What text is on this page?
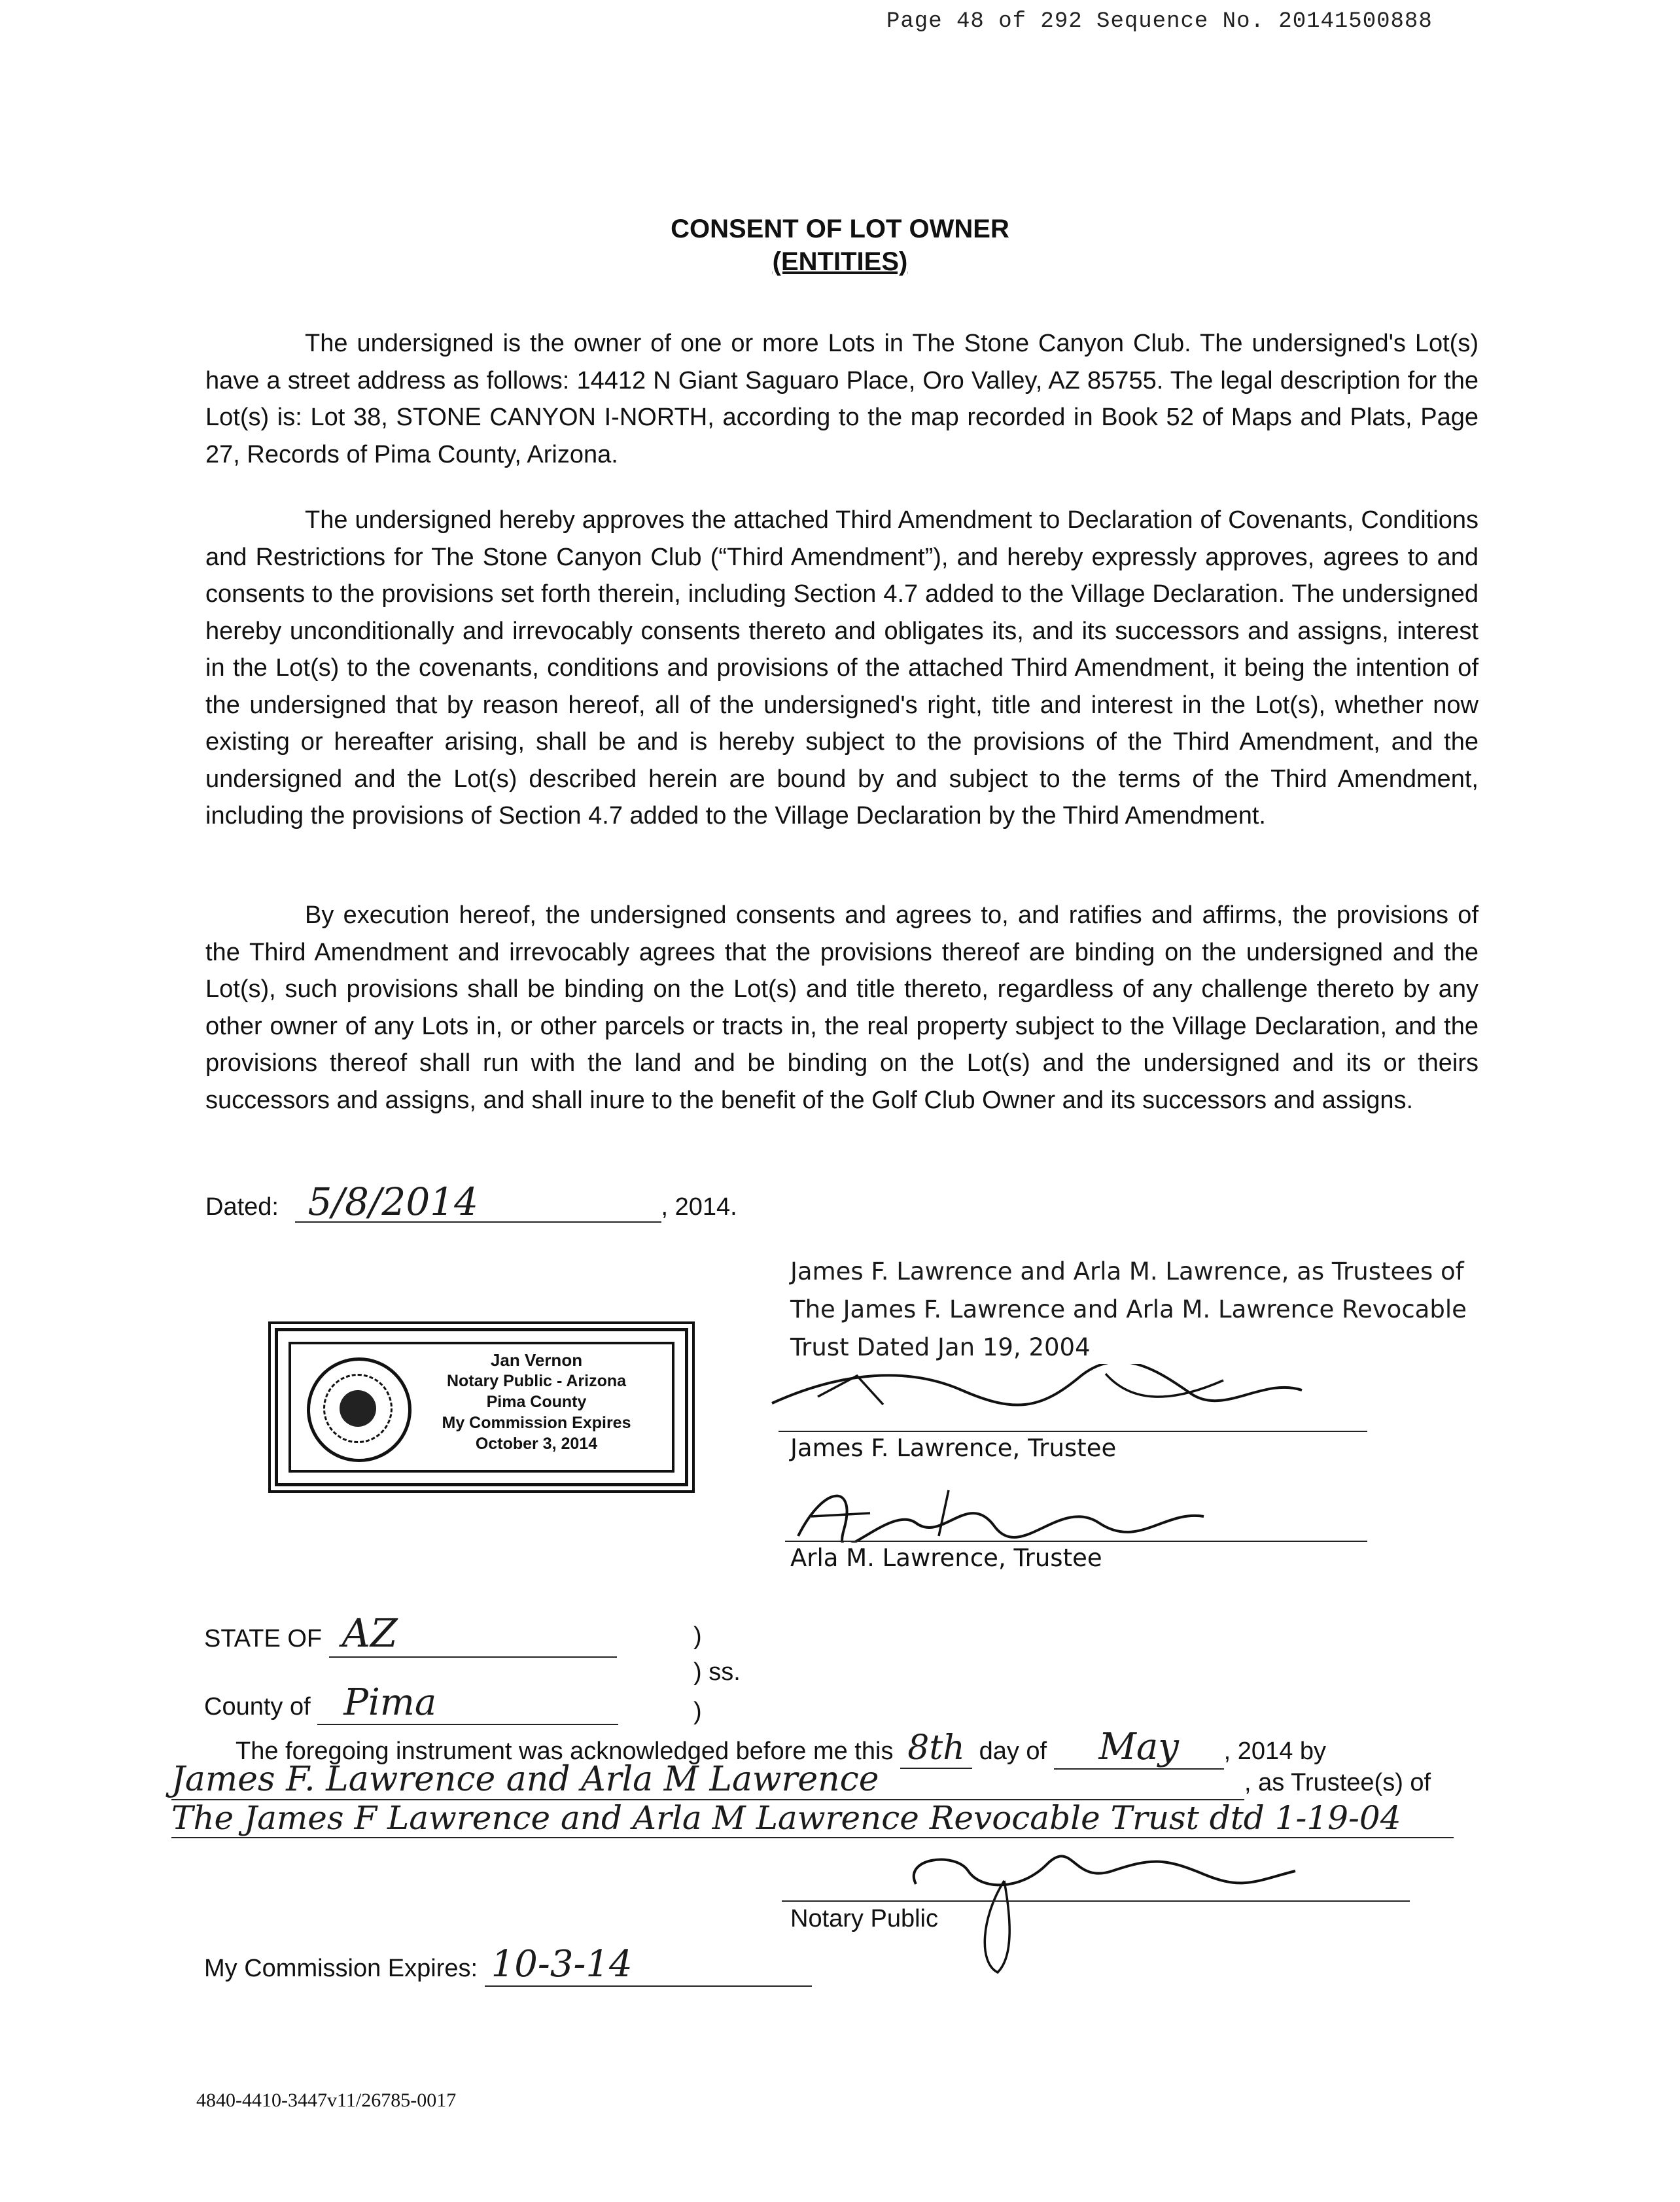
Page 48 of 292 Sequence No. 20141500888
CONSENT OF LOT OWNER
(ENTITIES)

The undersigned is the owner of one or more Lots in The Stone Canyon Club. The undersigned's Lot(s) have a street address as follows: 14412 N Giant Saguaro Place, Oro Valley, AZ 85755. The legal description for the Lot(s) is: Lot 38, STONE CANYON I-NORTH, according to the map recorded in Book 52 of Maps and Plats, Page 27, Records of Pima County, Arizona.

The undersigned hereby approves the attached Third Amendment to Declaration of Covenants, Conditions and Restrictions for The Stone Canyon Club (“Third Amendment”), and hereby expressly approves, agrees to and consents to the provisions set forth therein, including Section 4.7 added to the Village Declaration. The undersigned hereby unconditionally and irrevocably consents thereto and obligates its, and its successors and assigns, interest in the Lot(s) to the covenants, conditions and provisions of the attached Third Amendment, it being the intention of the undersigned that by reason hereof, all of the undersigned's right, title and interest in the Lot(s), whether now existing or hereafter arising, shall be and is hereby subject to the provisions of the Third Amendment, and the undersigned and the Lot(s) described herein are bound by and subject to the terms of the Third Amendment, including the provisions of Section 4.7 added to the Village Declaration by the Third Amendment.

By execution hereof, the undersigned consents and agrees to, and ratifies and affirms, the provisions of the Third Amendment and irrevocably agrees that the provisions thereof are binding on the undersigned and the Lot(s), such provisions shall be binding on the Lot(s) and title thereto, regardless of any challenge thereto by any other owner of any Lots in, or other parcels or tracts in, the real property subject to the Village Declaration, and the provisions thereof shall run with the land and be binding on the Lot(s) and the undersigned and its or theirs successors and assigns, and shall inure to the benefit of the Golf Club Owner and its successors and assigns.

Dated: 5/8/2014	, 2014.
James F. Lawrence and Arla M. Lawrence, as Trustees of
The James F. Lawrence and Arla M. Lawrence Revocable
Trust Dated Jan 19, 2004
James F. Lawrence, Trustee
Arla M. Lawrence, Trustee
Jan Vernon
Notary Public - Arizona
Pima County
My Commission Expires
October 3, 2014
STATE OF AZ	)
) ss.
County of Pima	)
The foregoing instrument was acknowledged before me this 8th day of May , 2014 by
James F. Lawrence and Arla M Lawrence	, as Trustee(s) of
The James F Lawrence and Arla M Lawrence Revocable Trust dtd 1-19-04
Notary Public
My Commission Expires: 10-3-14
4840-4410-3447v11/26785-0017
